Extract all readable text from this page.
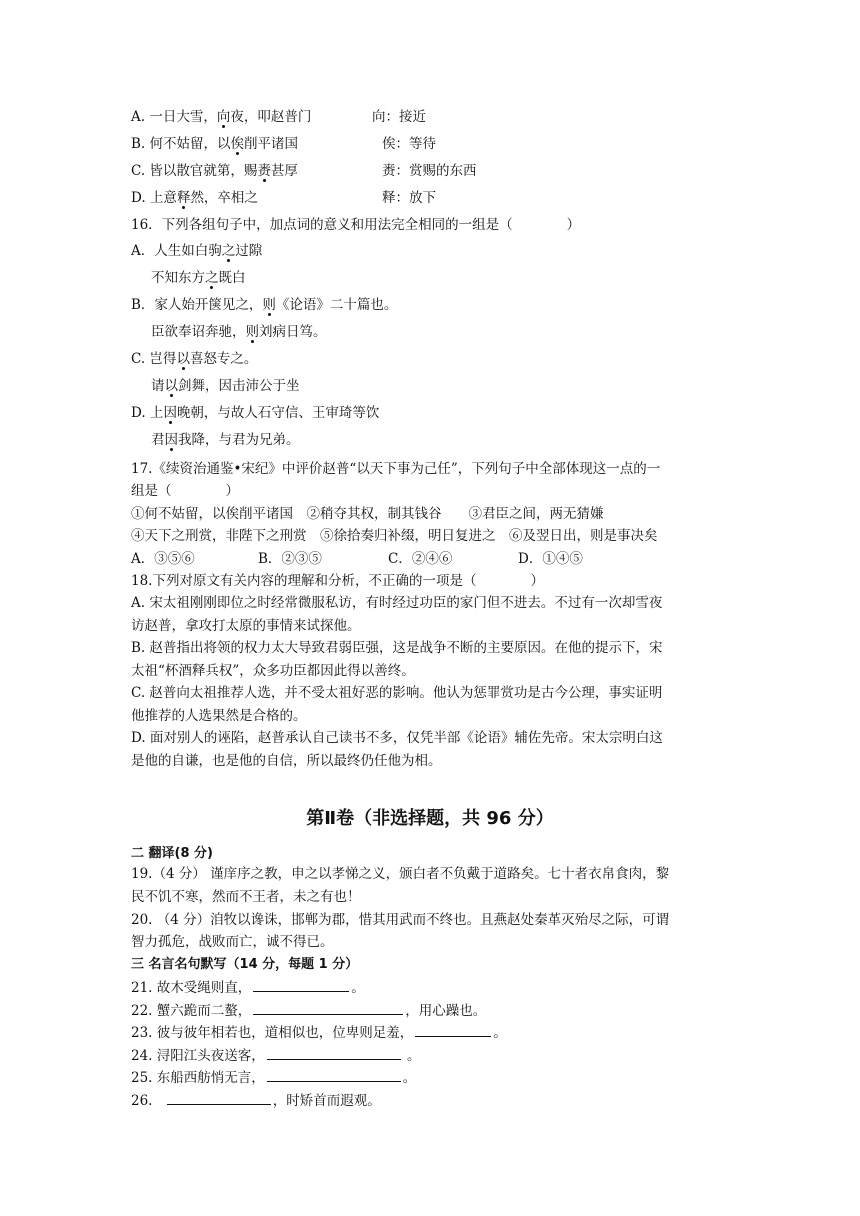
A. 一日大雪，向夜，叩赵普门	向：接近
B. 何不姑留，以俟削平诸国	俟：等待
C. 皆以散官就第，赐赉甚厚	赉：赏赐的东西
D. 上意释然，卒相之	释：放下
16．下列各组句子中，加点词的意义和用法完全相同的一组是（　　　　）
A．人生如白驹之过隙
不知东方之既白
B．家人始开箧见之，则《论语》二十篇也。
臣欲奉诏奔驰，则刘病日笃。
C. 岂得以喜怒专之。
请以剑舞，因击沛公于坐
D. 上因晚朝，与故人石守信、王审琦等饮
君因我降，与君为兄弟。
17.《续资治通鉴•宋纪》中评价赵普“以天下事为己任”，下列句子中全部体现这一点的一
组是（　　　　）
①何不姑留，以俟削平诸国　②稍夺其权，制其钱谷　　③君臣之间，两无猜嫌
④天下之刑赏，非陛下之刑赏　⑤徐拾奏归补缀，明日复进之　⑥及翌日出，则是事决矣
A．③⑤⑥	B．②③⑤	C．②④⑥	D．①④⑤
18.下列对原文有关内容的理解和分析，不正确的一项是（　　　　）
A. 宋太祖刚刚即位之时经常微服私访，有时经过功臣的家门但不进去。不过有一次却雪夜
访赵普，拿攻打太原的事情来试探他。
B. 赵普指出将领的权力太大导致君弱臣强，这是战争不断的主要原因。在他的提示下，宋
太祖“杯酒释兵权”，众多功臣都因此得以善终。
C. 赵普向太祖推荐人选，并不受太祖好恶的影响。他认为惩罪赏功是古今公理，事实证明
他推荐的人选果然是合格的。
D. 面对别人的诬陷，赵普承认自己读书不多，仅凭半部《论语》辅佐先帝。宋太宗明白这
是他的自谦，也是他的自信，所以最终仍任他为相。
第Ⅱ卷（非选择题，共 96 分）
二 翻译(8 分)
19.（4 分） 谨庠序之教，申之以孝悌之义，颁白者不负戴于道路矣。七十者衣帛食肉，黎
民不饥不寒，然而不王者，未之有也！
20. （4 分）洎牧以谗诛，邯郸为郡，惜其用武而不终也。且燕赵处秦革灭殆尽之际，可谓
智力孤危，战败而亡，诚不得已。
三 名言名句默写（14 分，每题 1 分）
21. 故木受绳则直，	。
22. 蟹六跪而二螯，	，用心躁也。
23. 彼与彼年相若也，道相似也，位卑则足羞，	。
24. 浔阳江头夜送客，	。
25. 东船西舫悄无言，	。
26.	，时矫首而遐观。
